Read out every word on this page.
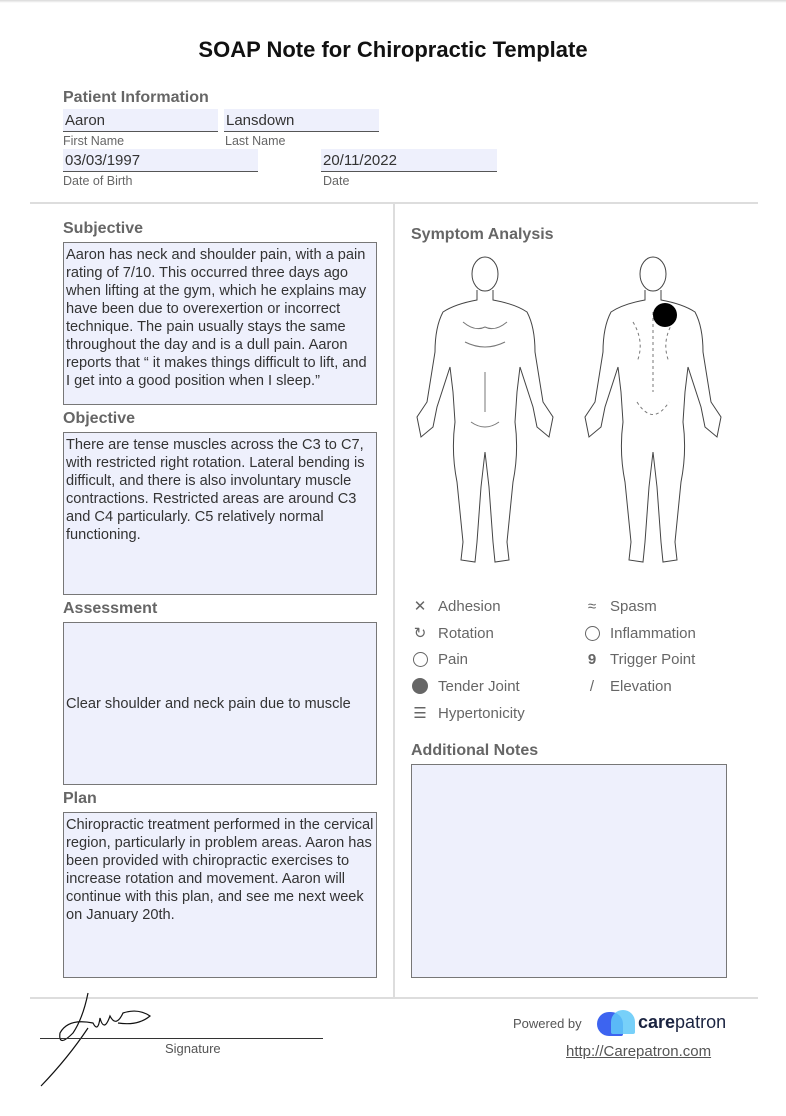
SOAP Note for Chiropractic Template
Patient Information
Aaron	Lansdown
First Name	Last Name
03/03/1997	20/11/2022
Date of Birth	Date
Subjective
Aaron has neck and shoulder pain, with a pain rating of 7/10. This occurred three days ago when lifting at the gym, which he explains may have been due to overexertion or incorrect technique. The pain usually stays the same throughout the day and is a dull pain. Aaron reports that “ it makes things difficult to lift, and I get into a good position when I sleep.”
Objective
There are tense muscles across the C3 to C7, with restricted right rotation. Lateral bending is difficult, and there is also involuntary muscle contractions. Restricted areas are around C3 and C4 particularly. C5 relatively normal functioning.
Assessment
Clear shoulder and neck pain due to muscle
Plan
Chiropractic treatment performed in the cervical region, particularly in problem areas. Aaron has been provided with chiropractic exercises to increase rotation and movement. Aaron will continue with this plan, and see me next week on January 20th.
Symptom Analysis
✕ Adhesion
↻ Rotation
Pain
Tender Joint
☰ Hypertonicity
≈ Spasm
Inflammation
9 Trigger Point
/	Elevation
Additional Notes
Signature
Powered by	carepatron
http://Carepatron.com
